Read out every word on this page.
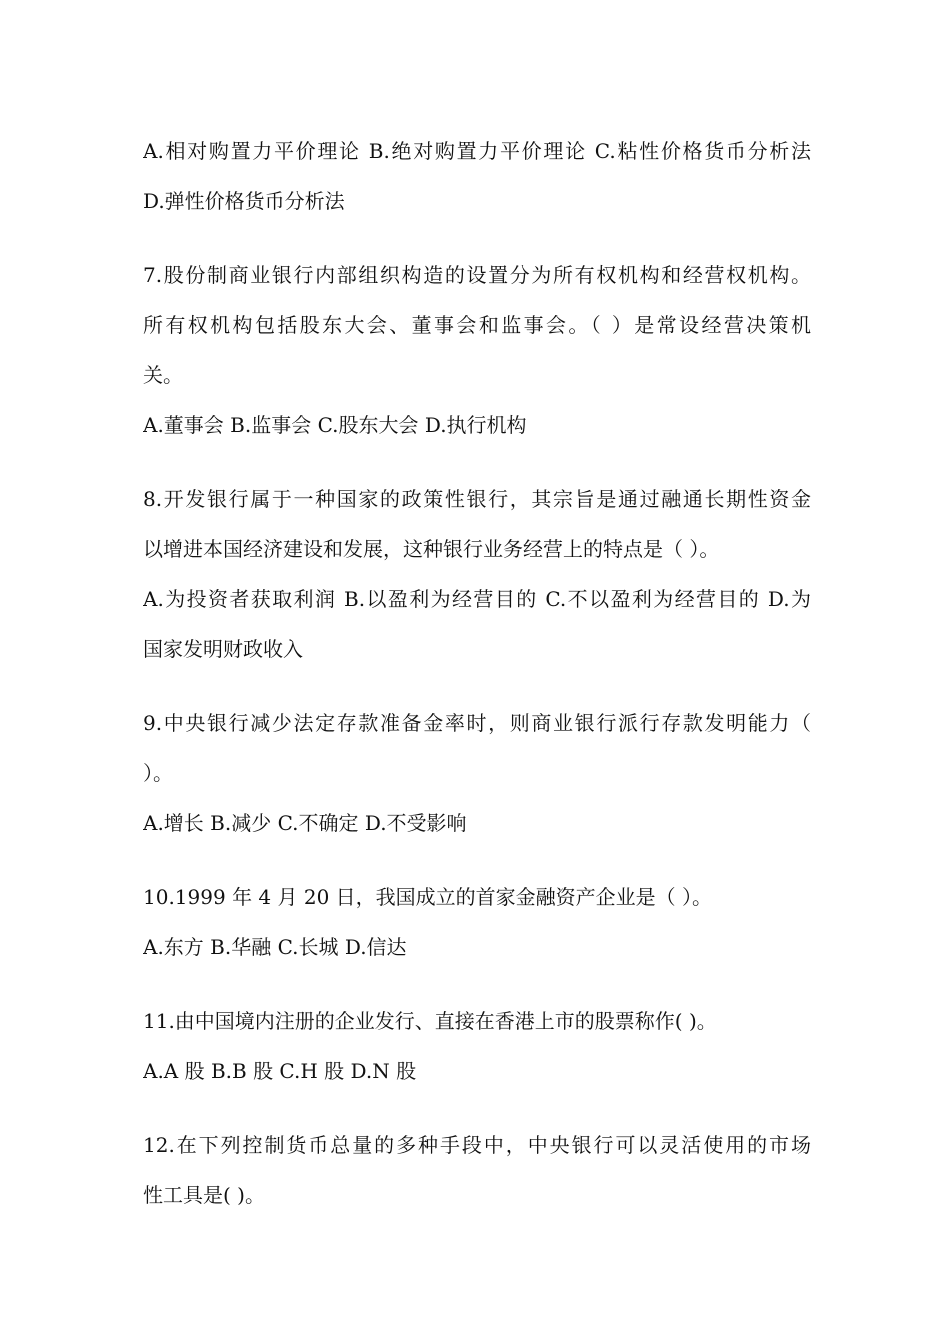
A.相对购置力平价理论 B.绝对购置力平价理论 C.粘性价格货币分析法
D.弹性价格货币分析法
7.股份制商业银行内部组织构造的设置分为所有权机构和经营权机构。
所有权机构包括股东大会、董事会和监事会。（ ）是常设经营决策机
关。
A.董事会 B.监事会 C.股东大会 D.执行机构
8.开发银行属于一种国家的政策性银行，其宗旨是通过融通长期性资金
以增进本国经济建设和发展，这种银行业务经营上的特点是（ ）。
A.为投资者获取利润 B.以盈利为经营目的 C.不以盈利为经营目的 D.为
国家发明财政收入
9.中央银行减少法定存款准备金率时，则商业银行派行存款发明能力（
）。
A.增长 B.减少 C.不确定 D.不受影响
10.1999 年 4 月 20 日，我国成立的首家金融资产企业是（ ）。
A.东方 B.华融 C.长城 D.信达
11.由中国境内注册的企业发行、直接在香港上市的股票称作( )。
A.A 股 B.B 股 C.H 股 D.N 股
12.在下列控制货币总量的多种手段中，中央银行可以灵活使用的市场
性工具是( )。
